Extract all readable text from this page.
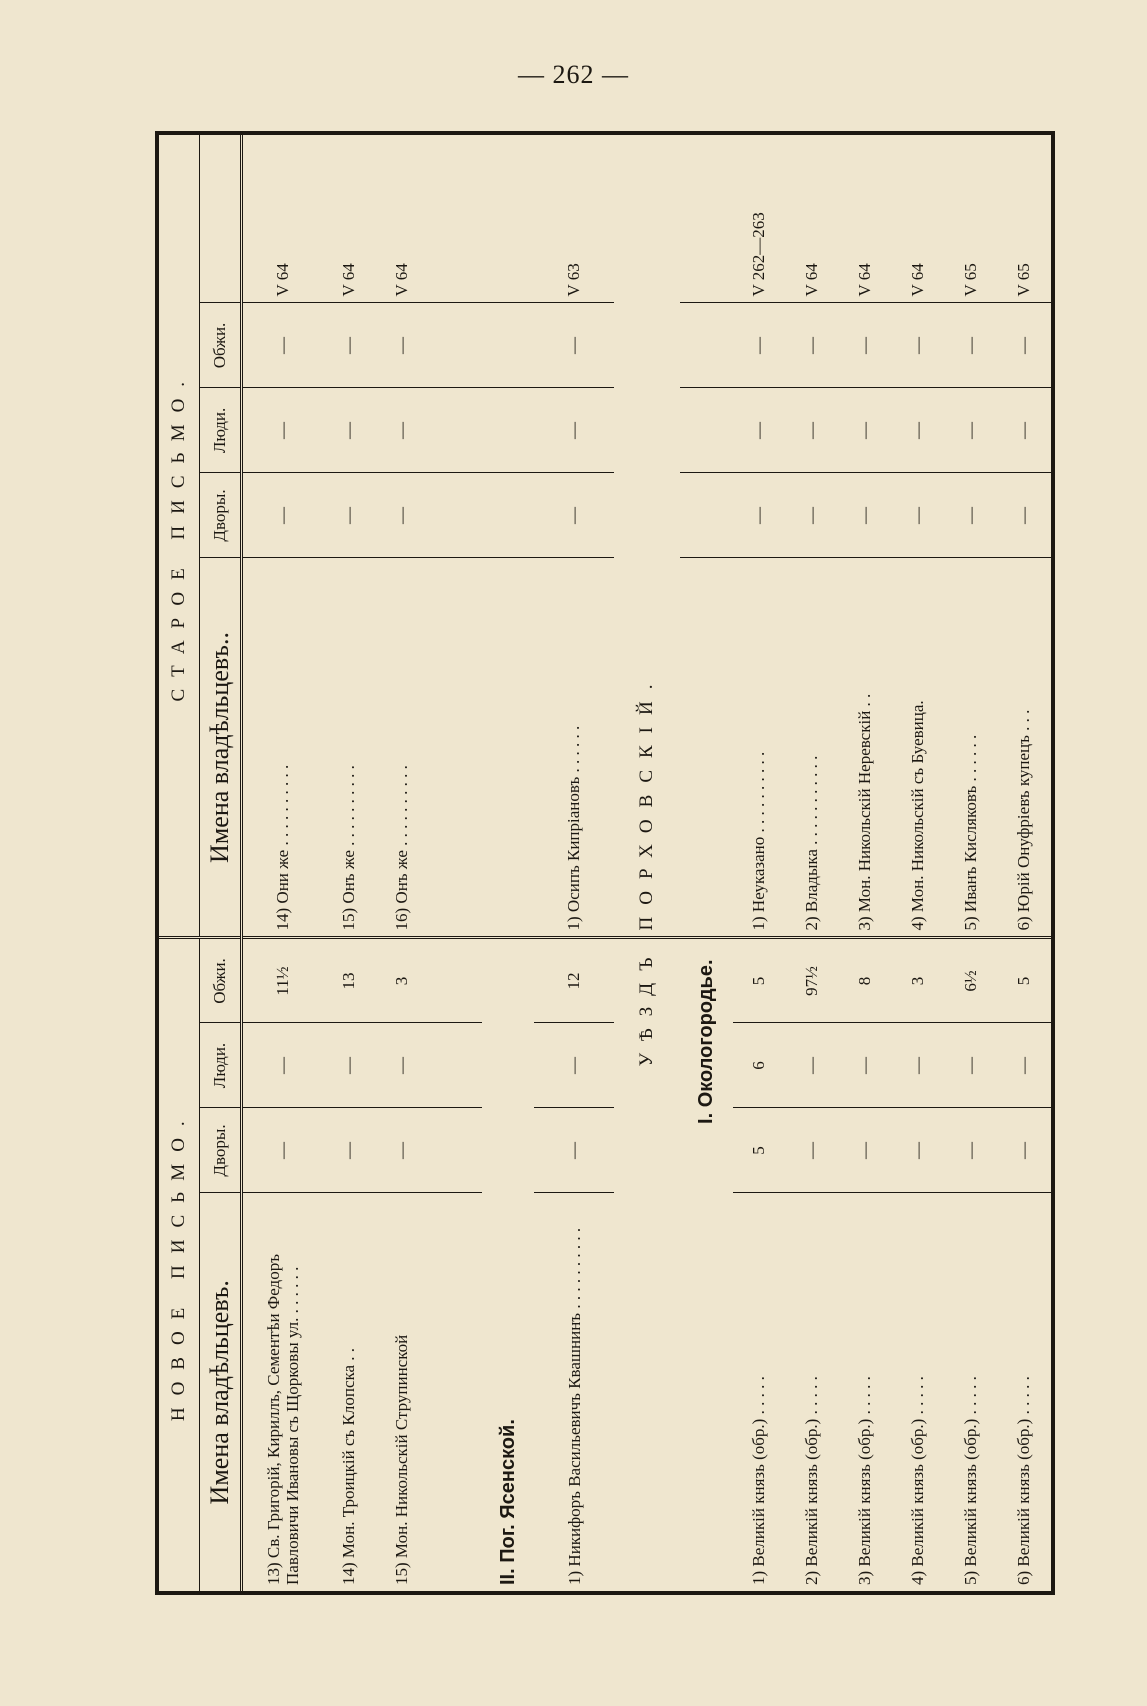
— 262 —
НОВОЕ ПИСЬМО.				СТАРОЕ ПИСЬМО.				
Имена владѣльцевъ.	Дворы.	Люди.	Обжи.	Имена владѣльцевъ..	Дворы.	Люди.	Обжи.	
13) Св. Григорій, Кириллъ, Сементѣи Федоръ Павловичи Ивановы съ Щорковы ул. . . . . . .	—	—	11½	14) Они же . . . . . . . . . .	—	—	—	V 64
14) Мон. Троицкій съ Клопска . .	—	—	13	15) Онъ же . . . . . . . . . .	—	—	—	V 64
15) Мон. Никольскій Струпинской	—	—	3	16) Онъ же . . . . . . . . . .	—	—	—	V 64

II. Пог. Ясенской.								
1) Никифоръ Васильевичъ Квашнинъ . . . . . . . . . .	—	—	12	1) Осипъ Кипріановъ . . . . . .	—	—	—	V 63
УѢЗДЪ				ПОРХОВСКІЙ.				
I. Окологородье.								
1) Великій князь (обр.) . . . . .	5	6	5	1) Неуказано . . . . . . . . . .	—	—	—	V 262—263
2) Великій князь (обр.) . . . . .	—	—	97½	2) Владыка . . . . . . . . . . .	—	—	—	V 64
3) Великій князь (обр.) . . . . .	—	—	8	3) Мон. Никольскій Неревскій . .	—	—	—	V 64
4) Великій князь (обр.) . . . . .	—	—	3	4) Мон. Никольскій съ Буевица.	—	—	—	V 64
5) Великій князь (обр.) . . . . .	—	—	6½	5) Иванъ Кисляковъ . . . . . .	—	—	—	V 65
6) Великій князь (обр.) . . . . .	—	—	5	6) Юрій Онуфріевъ купецъ . . .	—	—	—	V 65
